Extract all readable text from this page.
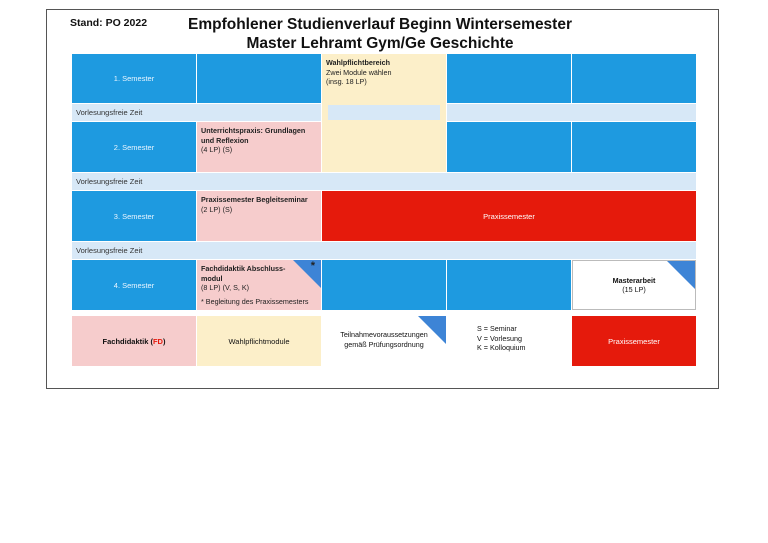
Stand: PO 2022	Empfohlener Studienverlauf Beginn Wintersemester
Master Lehramt Gym/Ge Geschichte
1. Semester
Wahlpflichtbereich
Zwei Module wählen
(insg. 18 LP)
Vorlesungsfreie Zeit
2. Semester
Unterrichtspraxis: Grundlagen und Reflexion
(4 LP) (S)
Vorlesungsfreie Zeit
3. Semester
Praxissemester Begleitseminar
(2 LP) (S)
Praxissemester
Vorlesungsfreie Zeit
4. Semester
*
Fachdidaktik Abschluss-modul
(8 LP) (V, S, K)
* Begleitung des Praxissemesters
Masterarbeit
(15 LP)
Fachdidaktik ( FD )	Wahlpflichtmodule
Teilnahmevoraussetzungen
gemäß Prüfungsordnung
S = Seminar
V = Vorlesung
K = Kolloquium
Praxissemester
